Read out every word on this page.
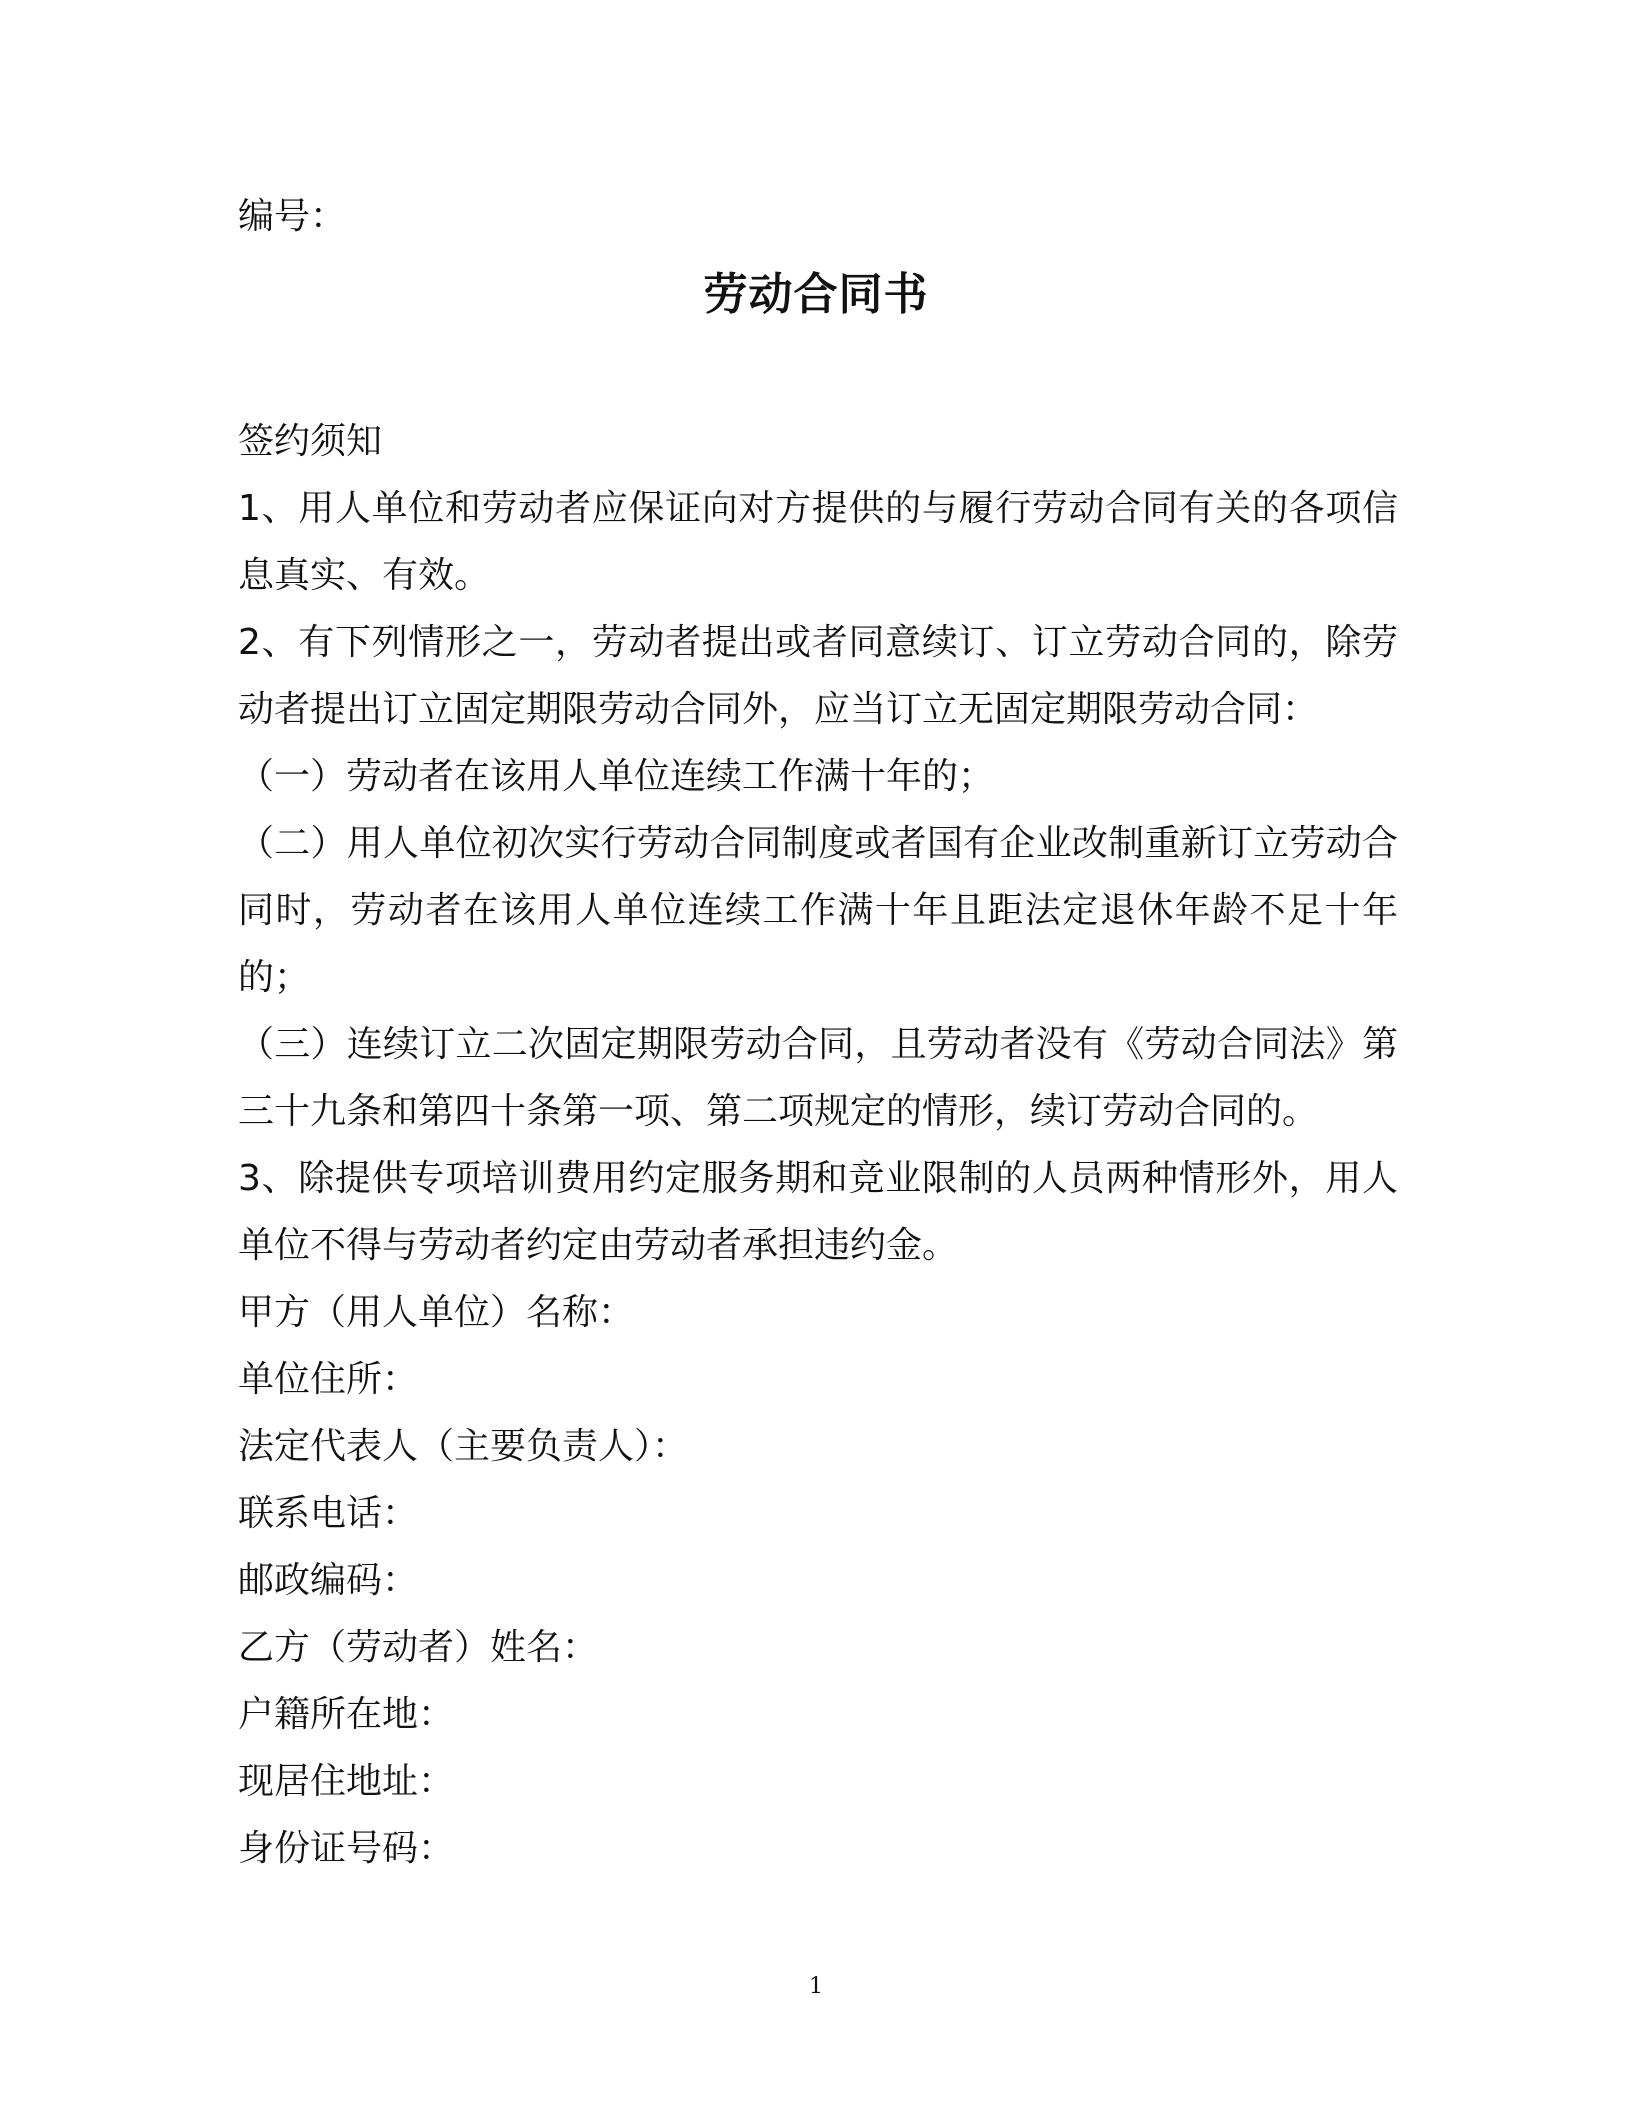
编号：
劳动合同书

签约须知

1、用人单位和劳动者应保证向对方提供的与履行劳动合同有关的各项信息真实、有效。

2、有下列情形之一，劳动者提出或者同意续订、订立劳动合同的，除劳动者提出订立固定期限劳动合同外，应当订立无固定期限劳动合同：

（一）劳动者在该用人单位连续工作满十年的；

（二）用人单位初次实行劳动合同制度或者国有企业改制重新订立劳动合同时，劳动者在该用人单位连续工作满十年且距法定退休年龄不足十年的；

（三）连续订立二次固定期限劳动合同，且劳动者没有《劳动合同法》第三十九条和第四十条第一项、第二项规定的情形，续订劳动合同的。

3、除提供专项培训费用约定服务期和竞业限制的人员两种情形外，用人单位不得与劳动者约定由劳动者承担违约金。

甲方（用人单位）名称：

单位住所：

法定代表人（主要负责人）：

联系电话：

邮政编码：

乙方（劳动者）姓名：

户籍所在地：

现居住地址：

身份证号码：

1
